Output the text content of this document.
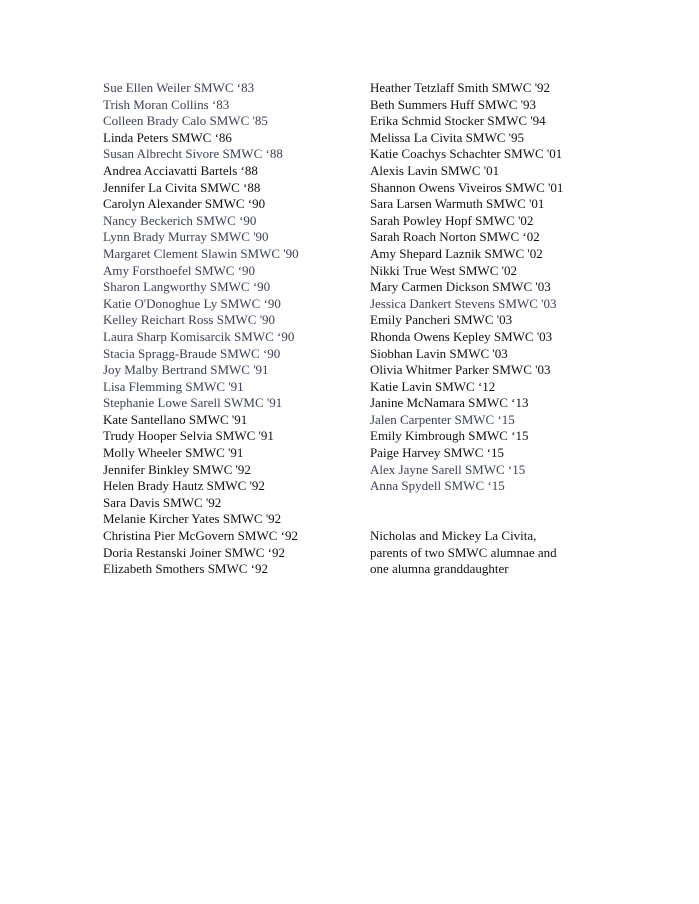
Sue Ellen Weiler SMWC ‘83
Trish Moran Collins ‘83
Colleen Brady Calo SMWC '85
Linda Peters SMWC ‘86
Susan Albrecht Sivore SMWC ‘88
Andrea Acciavatti Bartels ‘88
Jennifer La Civita SMWC ‘88
Carolyn Alexander SMWC ‘90
Nancy Beckerich SMWC ‘90
Lynn Brady Murray SMWC '90
Margaret Clement Slawin SMWC '90
Amy Forsthoefel SMWC ‘90
Sharon Langworthy SMWC ‘90
Katie O'Donoghue Ly SMWC ‘90
Kelley Reichart Ross SMWC '90
Laura Sharp Komisarcik SMWC ‘90
Stacia Spragg-Braude SMWC ‘90
Joy Malby Bertrand SMWC '91
Lisa Flemming SMWC '91
Stephanie Lowe Sarell SWMC '91
Kate Santellano SMWC '91
Trudy Hooper Selvia SMWC '91
Molly Wheeler SMWC '91
Jennifer Binkley SMWC '92
Helen Brady Hautz SMWC '92
Sara Davis SMWC '92
Melanie Kircher Yates SMWC '92
Christina Pier McGovern SMWC ‘92
Doria Restanski Joiner SMWC ‘92
Elizabeth Smothers SMWC ‘92
Heather Tetzlaff Smith SMWC '92
Beth Summers Huff SMWC '93
Erika Schmid Stocker SMWC '94
Melissa La Civita SMWC '95
Katie Coachys Schachter SMWC '01
Alexis Lavin SMWC '01
Shannon Owens Viveiros SMWC '01
Sara Larsen Warmuth SMWC '01
Sarah Powley Hopf SMWC '02
Sarah Roach Norton SMWC ‘02
Amy Shepard Laznik SMWC '02
Nikki True West SMWC '02
Mary Carmen Dickson SMWC '03
Jessica Dankert Stevens SMWC '03
Emily Pancheri SMWC '03
Rhonda Owens Kepley SMWC '03
Siobhan Lavin SMWC '03
Olivia Whitmer Parker SMWC '03
Katie Lavin SMWC ‘12
Janine McNamara SMWC ‘13
Jalen Carpenter SMWC ‘15
Emily Kimbrough SMWC ‘15
Paige Harvey SMWC ‘15
Alex Jayne Sarell SMWC ‘15
Anna Spydell SMWC ‘15
Nicholas and Mickey La Civita,
parents of two SMWC alumnae and
one alumna granddaughter
